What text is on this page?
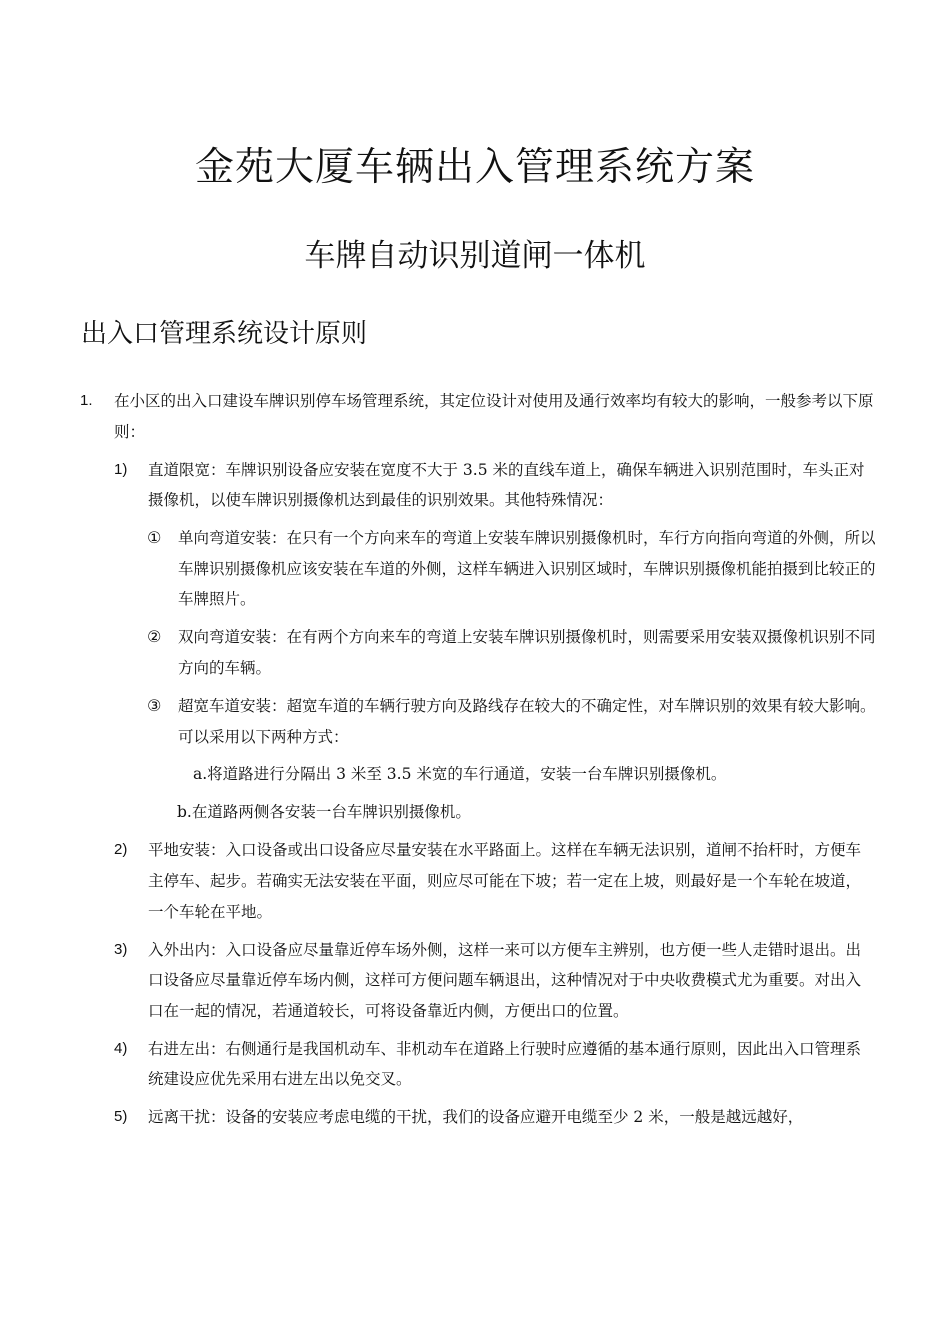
金苑大厦车辆出入管理系统方案
车牌自动识别道闸一体机
出入口管理系统设计原则
1. 在小区的出入口建设车牌识别停车场管理系统，其定位设计对使用及通行效率均有较大的影响，一般参考以下原则：
1) 直道限宽：车牌识别设备应安装在宽度不大于 3.5 米的直线车道上，确保车辆进入识别范围时，车头正对摄像机，以使车牌识别摄像机达到最佳的识别效果。其他特殊情况：
① 单向弯道安装：在只有一个方向来车的弯道上安装车牌识别摄像机时，车行方向指向弯道的外侧，所以车牌识别摄像机应该安装在车道的外侧，这样车辆进入识别区域时，车牌识别摄像机能拍摄到比较正的车牌照片。
② 双向弯道安装：在有两个方向来车的弯道上安装车牌识别摄像机时，则需要采用安装双摄像机识别不同方向的车辆。
③ 超宽车道安装：超宽车道的车辆行驶方向及路线存在较大的不确定性，对车牌识别的效果有较大影响。可以采用以下两种方式：
a.将道路进行分隔出 3 米至 3.5 米宽的车行通道，安装一台车牌识别摄像机。
b.在道路两侧各安装一台车牌识别摄像机。
2) 平地安装：入口设备或出口设备应尽量安装在水平路面上。这样在车辆无法识别，道闸不抬杆时，方便车主停车、起步。若确实无法安装在平面，则应尽可能在下坡；若一定在上坡，则最好是一个车轮在坡道，一个车轮在平地。
3) 入外出内：入口设备应尽量靠近停车场外侧，这样一来可以方便车主辨别，也方便一些人走错时退出。出口设备应尽量靠近停车场内侧，这样可方便问题车辆退出，这种情况对于中央收费模式尤为重要。对出入口在一起的情况，若通道较长，可将设备靠近内侧，方便出口的位置。
4) 右进左出：右侧通行是我国机动车、非机动车在道路上行驶时应遵循的基本通行原则，因此出入口管理系统建设应优先采用右进左出以免交叉。
5) 远离干扰：设备的安装应考虑电缆的干扰，我们的设备应避开电缆至少 2 米，一般是越远越好，
